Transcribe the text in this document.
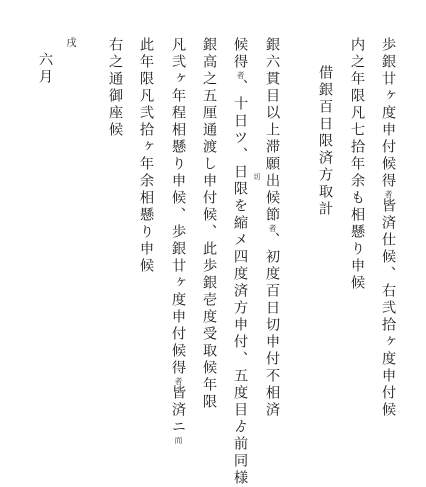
歩銀廿ヶ度申付候得者皆済仕候、右弐拾ヶ度申付候
内之年限凡七拾年余も相懸り申候
借銀百日限済方取計
銀六貫目以上滞願出候節者、初度百日切申付不相済
候得者、十日ツ、日限を縮メ四度済方申付、五度目ゟ前同様 切
銀高之五厘通渡し申付候、此歩銀壱度受取候年限
凡弐ヶ年程相懸り申候、歩銀廿ヶ度申付候得者皆済ニ而
此年限凡弐拾ヶ年余相懸り申候
右之通御座候
戌
六月
